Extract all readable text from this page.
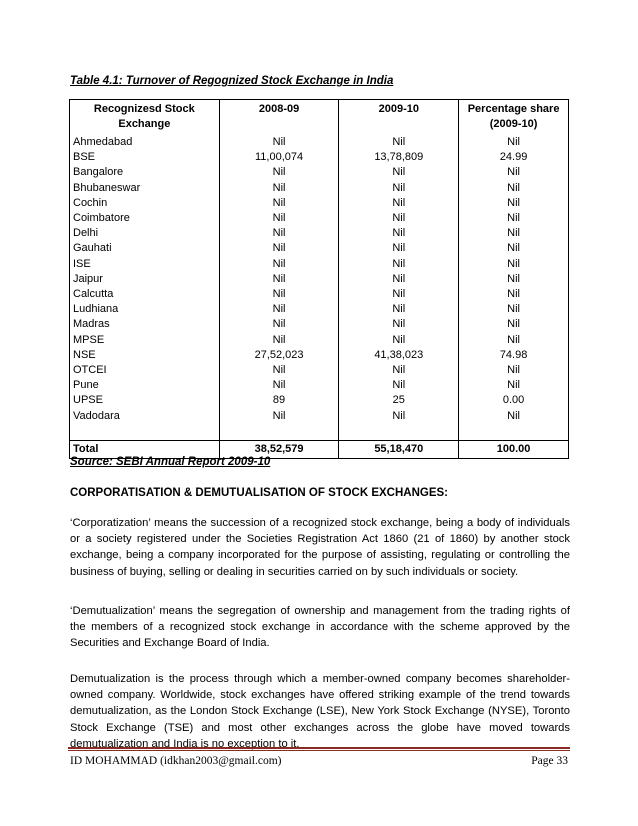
Table 4.1: Turnover of Regognized Stock Exchange in India
Recognizesd Stock Exchange	2008-09	2009-10	Percentage share (2009-10)
Ahmedabad	Nil	Nil	Nil
BSE	11,00,074	13,78,809	24.99
Bangalore	Nil	Nil	Nil
Bhubaneswar	Nil	Nil	Nil
Cochin	Nil	Nil	Nil
Coimbatore	Nil	Nil	Nil
Delhi	Nil	Nil	Nil
Gauhati	Nil	Nil	Nil
ISE	Nil	Nil	Nil
Jaipur	Nil	Nil	Nil
Calcutta	Nil	Nil	Nil
Ludhiana	Nil	Nil	Nil
Madras	Nil	Nil	Nil
MPSE	Nil	Nil	Nil
NSE	27,52,023	41,38,023	74.98
OTCEI	Nil	Nil	Nil
Pune	Nil	Nil	Nil
UPSE	89	25	0.00
Vadodara	Nil	Nil	Nil
Total	38,52,579	55,18,470	100.00
Source: SEBI Annual Report 2009-10
CORPORATISATION & DEMUTUALISATION OF STOCK EXCHANGES:

‘Corporatization’ means the succession of a recognized stock exchange, being a body of individuals or a society registered under the Societies Registration Act 1860 (21 of 1860) by another stock exchange, being a company incorporated for the purpose of assisting, regulating or controlling the business of buying, selling or dealing in securities carried on by such individuals or society.

‘Demutualization’ means the segregation of ownership and management from the trading rights of the members of a recognized stock exchange in accordance with the scheme approved by the Securities and Exchange Board of India.

Demutualization is the process through which a member-owned company becomes shareholder-owned company. Worldwide, stock exchanges have offered striking example of the trend towards demutualization, as the London Stock Exchange (LSE), New York Stock Exchange (NYSE), Toronto Stock Exchange (TSE) and most other exchanges across the globe have moved towards demutualization and India is no exception to it.

ID MOHAMMAD (idkhan2003@gmail.com)	Page 33
